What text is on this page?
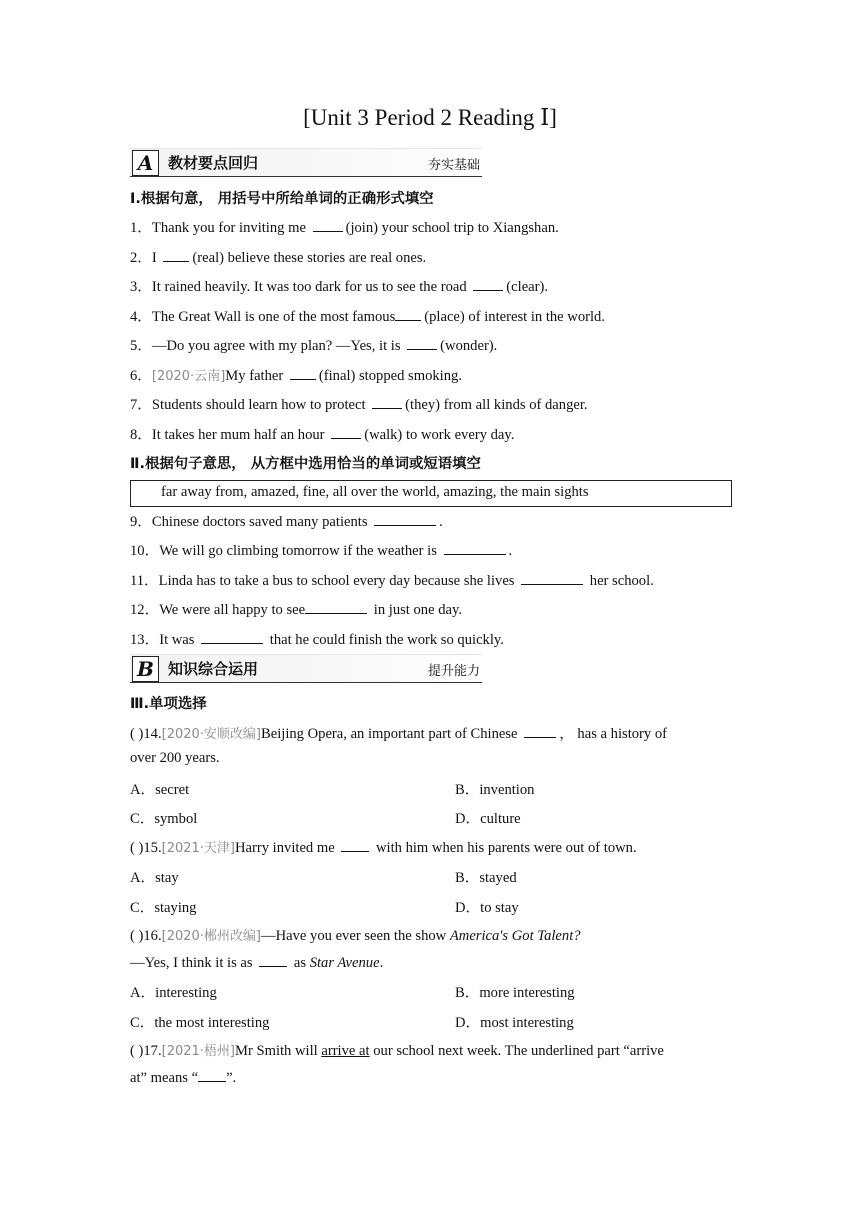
[Unit 3 Period 2 Reading Ⅰ]
A 教材要点回归	夯实基础
Ⅰ.根据句意， 用括号中所给单词的正确形式填空
1．Thank you for inviting me (join) your school trip to Xiangshan.
2．I (real) believe these stories are real ones.
3．It rained heavily. It was too dark for us to see the road (clear).
4．The Great Wall is one of the most famous (place) of interest in the world.
5．—Do you agree with my plan? —Yes, it is (wonder).
6．[2020·云南]My father (final) stopped smoking.
7．Students should learn how to protect (they) from all kinds of danger.
8．It takes her mum half an hour (walk) to work every day.
Ⅱ.根据句子意思， 从方框中选用恰当的单词或短语填空
far away from, amazed, fine, all over the world, amazing, the main sights
9．Chinese doctors saved many patients	.
10．We will go climbing tomorrow if the weather is	.
11．Linda has to take a bus to school every day because she lives	her school.
12．We were all happy to see	in just one day.
13．It was	that he could finish the work so quickly.
B 知识综合运用	提升能力
Ⅲ.单项选择
( )14.[2020·安顺改编]Beijing Opera, an important part of Chinese	， has a history of
over 200 years.
A．secret	B．invention
C．symbol	D．culture
( )15.[2021·天津]Harry invited me  with him when his parents were out of town.
A．stay	B．stayed
C．staying	D．to stay
( )16.[2020·郴州改编]—Have you ever seen the show America's Got Talent?
—Yes, I think it is as  as Star Avenue.
A．interesting	B．more interesting
C．the most interesting	D．most interesting
( )17.[2021·梧州]Mr Smith will arrive at our school next week. The underlined part “arrive
at” means “ ”.
